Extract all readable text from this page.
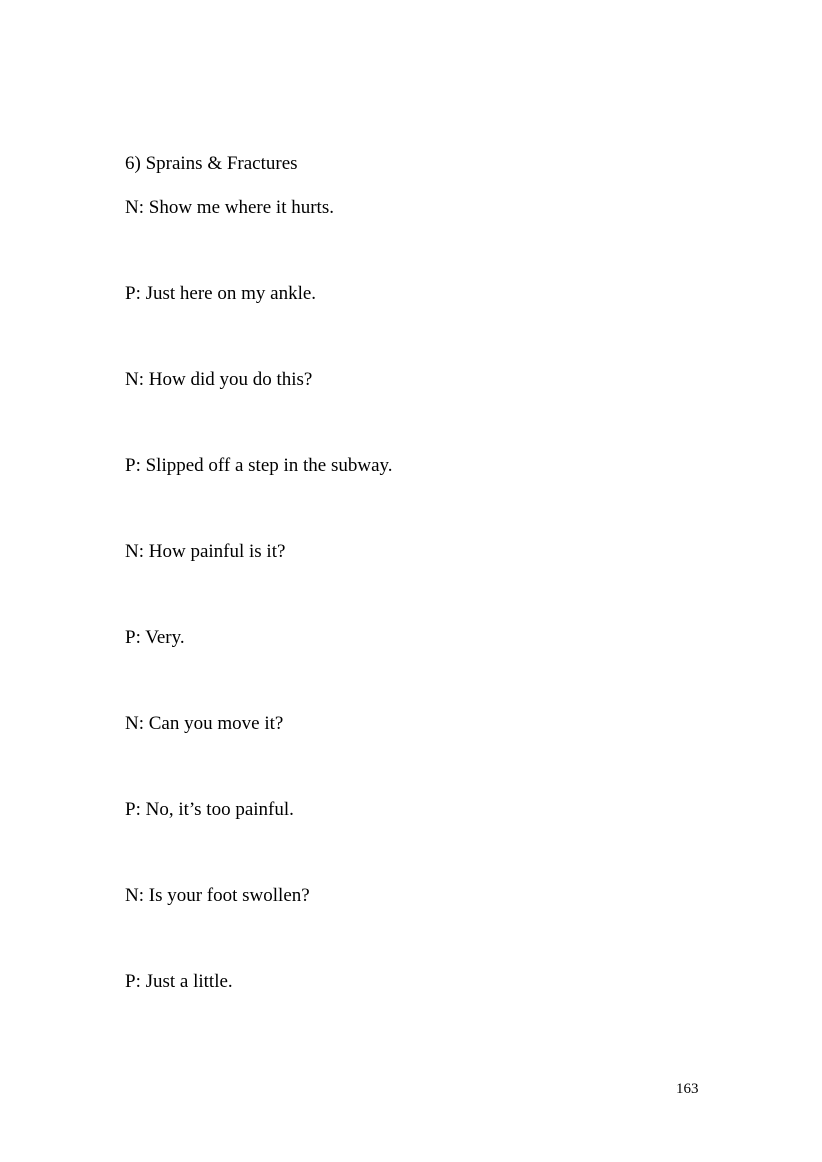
6) Sprains & Fractures
N: Show me where it hurts.
P: Just here on my ankle.
N: How did you do this?
P: Slipped off a step in the subway.
N: How painful is it?
P: Very.
N: Can you move it?
P: No, it’s too painful.
N: Is your foot swollen?
P: Just a little.
163
